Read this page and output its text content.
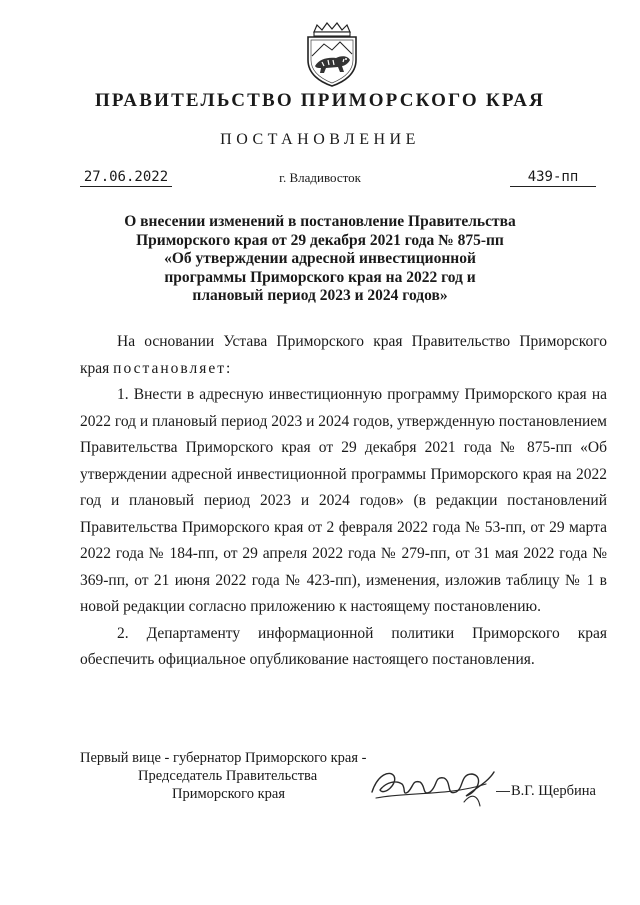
ПРАВИТЕЛЬСТВО ПРИМОРСКОГО КРАЯ
ПОСТАНОВЛЕНИЕ
27.06.2022	г. Владивосток	439-пп
О внесении изменений в постановление Правительства
Приморского края от 29 декабря 2021 года № 875-пп
«Об утверждении адресной инвестиционной
программы Приморского края на 2022 год и
плановый период 2023 и 2024 годов»

На основании Устава Приморского края Правительство Приморского края постановляет:

1. Внести в адресную инвестиционную программу Приморского края на 2022 год и плановый период 2023 и 2024 годов, утвержденную постановлением Правительства Приморского края от 29 декабря 2021 года № 875-пп «Об утверждении адресной инвестиционной программы Приморского края на 2022 год и плановый период 2023 и 2024 годов» (в редакции постановлений Правительства Приморского края от 2 февраля 2022 года № 53-пп, от 29 марта 2022 года № 184-пп, от 29 апреля 2022 года № 279-пп, от 31 мая 2022 года № 369-пп, от 21 июня 2022 года № 423-пп), изменения, изложив таблицу № 1 в новой редакции согласно приложению к настоящему постановлению.

2. Департаменту информационной политики Приморского края обеспечить официальное опубликование настоящего постановления.

Первый вице - губернатор Приморского края -
Председатель Правительства
Приморского края	В.Г. Щербина
